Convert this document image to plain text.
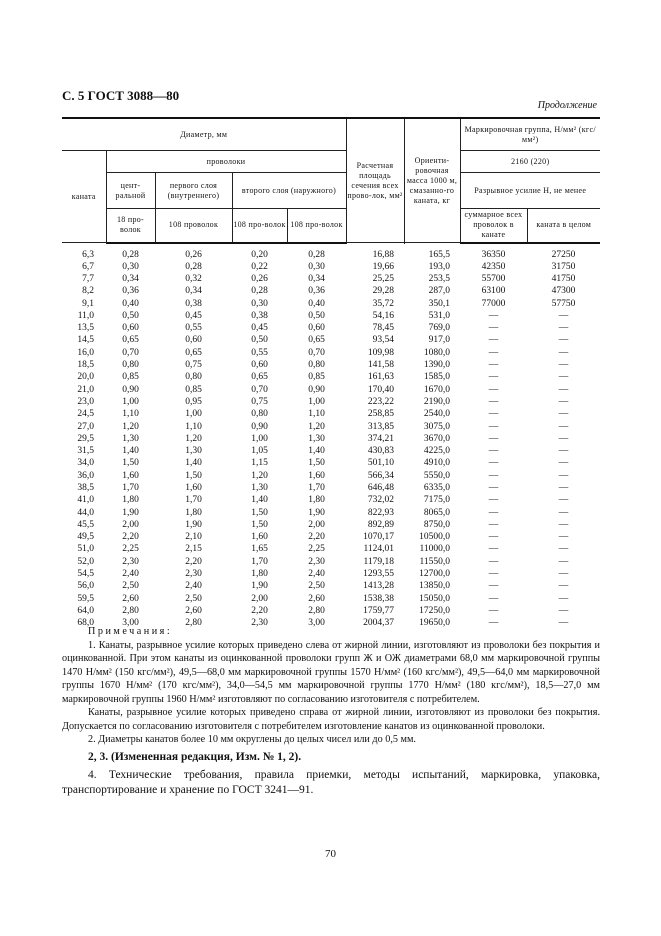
С. 5 ГОСТ 3088—80
Продолжение
Диаметр, мм					Расчетная площадь сечения всех прово-лок, мм²	Ориенти-ровочная масса 1000 м, смазанно-го каната, кг	Маркировочная группа, Н/мм² (кгс/мм²)	
каната	проволоки						2160 (220)	
	цент-ральной	первого слоя (внутреннего)	второго слоя (наружного)				Разрывное усилие Н, не менее	
	18 про-волок	108 проволок	108 про-волок	108 про-волок			суммарное всех проволок в канате	каната в целом

6,3	0,28	0,26	0,20	0,28	16,88	165,5	36350	27250
6,7	0,30	0,28	0,22	0,30	19,66	193,0	42350	31750
7,7	0,34	0,32	0,26	0,34	25,25	253,5	55700	41750
8,2	0,36	0,34	0,28	0,36	29,28	287,0	63100	47300
9,1	0,40	0,38	0,30	0,40	35,72	350,1	77000	57750
11,0	0,50	0,45	0,38	0,50	54,16	531,0	—	—
13,5	0,60	0,55	0,45	0,60	78,45	769,0	—	—
14,5	0,65	0,60	0,50	0,65	93,54	917,0	—	—
16,0	0,70	0,65	0,55	0,70	109,98	1080,0	—	—
18,5	0,80	0,75	0,60	0,80	141,58	1390,0	—	—
20,0	0,85	0,80	0,65	0,85	161,63	1585,0	—	—
21,0	0,90	0,85	0,70	0,90	170,40	1670,0	—	—
23,0	1,00	0,95	0,75	1,00	223,22	2190,0	—	—
24,5	1,10	1,00	0,80	1,10	258,85	2540,0	—	—
27,0	1,20	1,10	0,90	1,20	313,85	3075,0	—	—
29,5	1,30	1,20	1,00	1,30	374,21	3670,0	—	—
31,5	1,40	1,30	1,05	1,40	430,83	4225,0	—	—
34,0	1,50	1,40	1,15	1,50	501,10	4910,0	—	—
36,0	1,60	1,50	1,20	1,60	566,34	5550,0	—	—
38,5	1,70	1,60	1,30	1,70	646,48	6335,0	—	—
41,0	1,80	1,70	1,40	1,80	732,02	7175,0	—	—
44,0	1,90	1,80	1,50	1,90	822,93	8065,0	—	—
45,5	2,00	1,90	1,50	2,00	892,89	8750,0	—	—
49,5	2,20	2,10	1,60	2,20	1070,17	10500,0	—	—
51,0	2,25	2,15	1,65	2,25	1124,01	11000,0	—	—
52,0	2,30	2,20	1,70	2,30	1179,18	11550,0	—	—
54,5	2,40	2,30	1,80	2,40	1293,55	12700,0	—	—
56,0	2,50	2,40	1,90	2,50	1413,28	13850,0	—	—
59,5	2,60	2,50	2,00	2,60	1538,38	15050,0	—	—
64,0	2,80	2,60	2,20	2,80	1759,77	17250,0	—	—
68,0	3,00	2,80	2,30	3,00	2004,37	19650,0	—	—

Примечания:

1. Канаты, разрывное усилие которых приведено слева от жирной линии, изготовляют из проволоки без покрытия и оцинкованной. При этом канаты из оцинкованной проволоки групп Ж и ОЖ диаметрами 68,0 мм маркировочной группы 1470 Н/мм² (150 кгс/мм²), 49,5—68,0 мм маркировочной группы 1570 Н/мм² (160 кгс/мм²), 49,5—64,0 мм маркировочной группы 1670 Н/мм² (170 кгс/мм²), 34,0—54,5 мм маркировочной группы 1770 Н/мм² (180 кгс/мм²), 18,5—27,0 мм маркировочной группы 1960 Н/мм² изготовляют по согласованию изготовителя с потребителем.

Канаты, разрывное усилие которых приведено справа от жирной линии, изготовляют из проволоки без покрытия. Допускается по согласованию изготовителя с потребителем изготовление канатов из оцинкованной проволоки.

2. Диаметры канатов более 10 мм округлены до целых чисел или до 0,5 мм.

2, 3. (Измененная редакция, Изм. № 1, 2).

4. Технические требования, правила приемки, методы испытаний, маркировка, упаковка, транспортирование и хранение по ГОСТ 3241—91.

70
